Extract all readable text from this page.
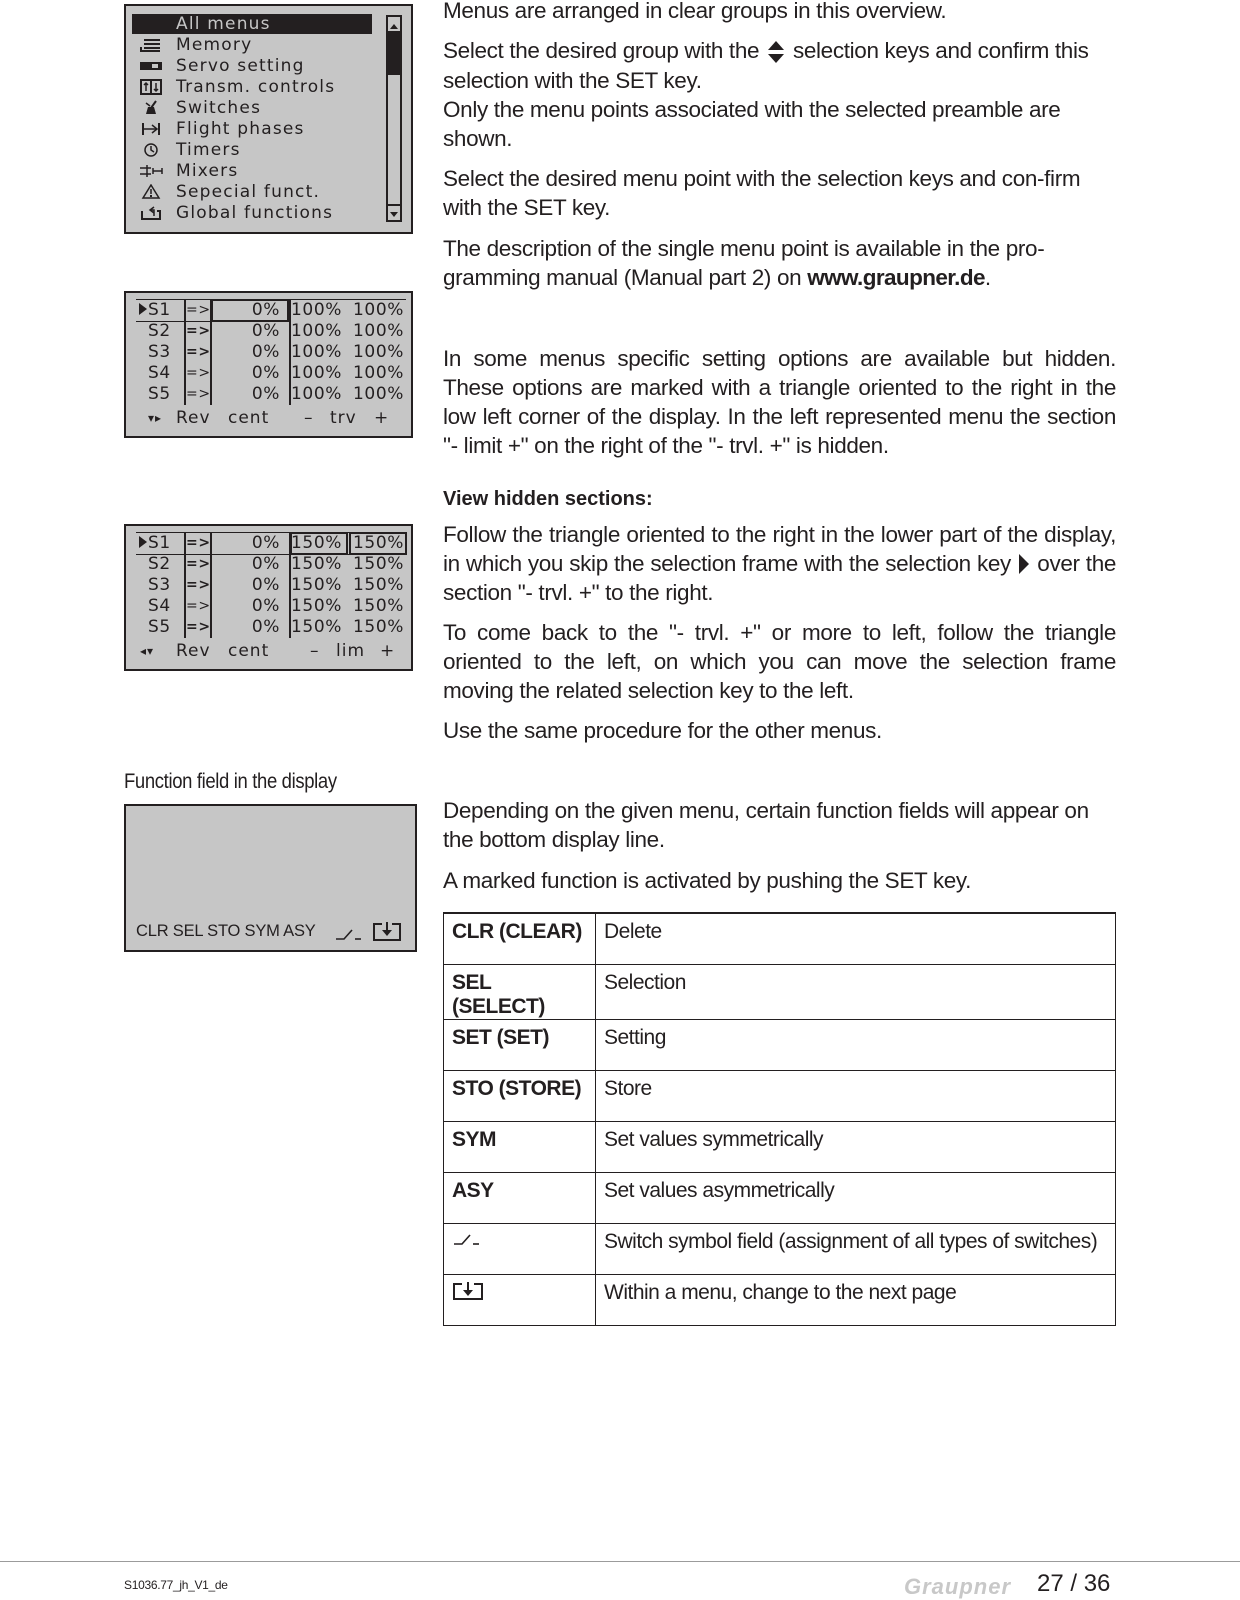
All menus
Memory
Servo setting
Transm. controls
Switches
Flight phases
Timers
Mixers
Sepecial funct.
Global functions
S1	=>	0% 100% 100%
S2	=>	0% 100% 100%
S3	=>	0% 100% 100%
S4	=>	0% 100% 100%
S5	=>	0% 100% 100%
▾▸ Rev cent – trv +
S1	=>	0% 150% 150%
S2	=>	0% 150% 150%
S3	=>	0% 150% 150%
S4	=>	0% 150% 150%
S5	=>	0% 150% 150%
◂▾ Rev cent – lim +
Function field in the display
CLR SEL STO SYM ASY

Menus are arranged in clear groups in this overview.

Select the desired group with the selection keys and confirm this selection with the SET key.
Only the menu points associated with the selected preamble are shown.

Select the desired menu point with the selection keys and con-firm with the SET key.

The description of the single menu point is available in the pro-gramming manual (Manual part 2) on www.graupner.de.

In some menus specific setting options are available but hidden. These options are marked with a triangle oriented to the right in the low left corner of the display. In the left represented menu the section "- limit +" on the right of the "- trvl. +" is hidden.

View hidden sections:

Follow the triangle oriented to the right in the lower part of the display, in which you skip the selection frame with the selection key over the section "- trvl. +" to the right.

To come back to the "- trvl. +" or more to left, follow the triangle oriented to the left, on which you can move the selection frame moving the related selection key to the left.

Use the same procedure for the other menus.

Depending on the given menu, certain function fields will appear on the bottom display line.

A marked function is activated by pushing the SET key.

CLR (CLEAR)	Delete
SEL (SELECT)	Selection
SET (SET)	Setting
STO (STORE)	Store
SYM	Set values symmetrically
ASY	Set values asymmetrically
	Switch symbol field (assignment of all types of switches)
	Within a menu, change to the next page
S1036.77_jh_V1_de	Graupner 27 / 36
